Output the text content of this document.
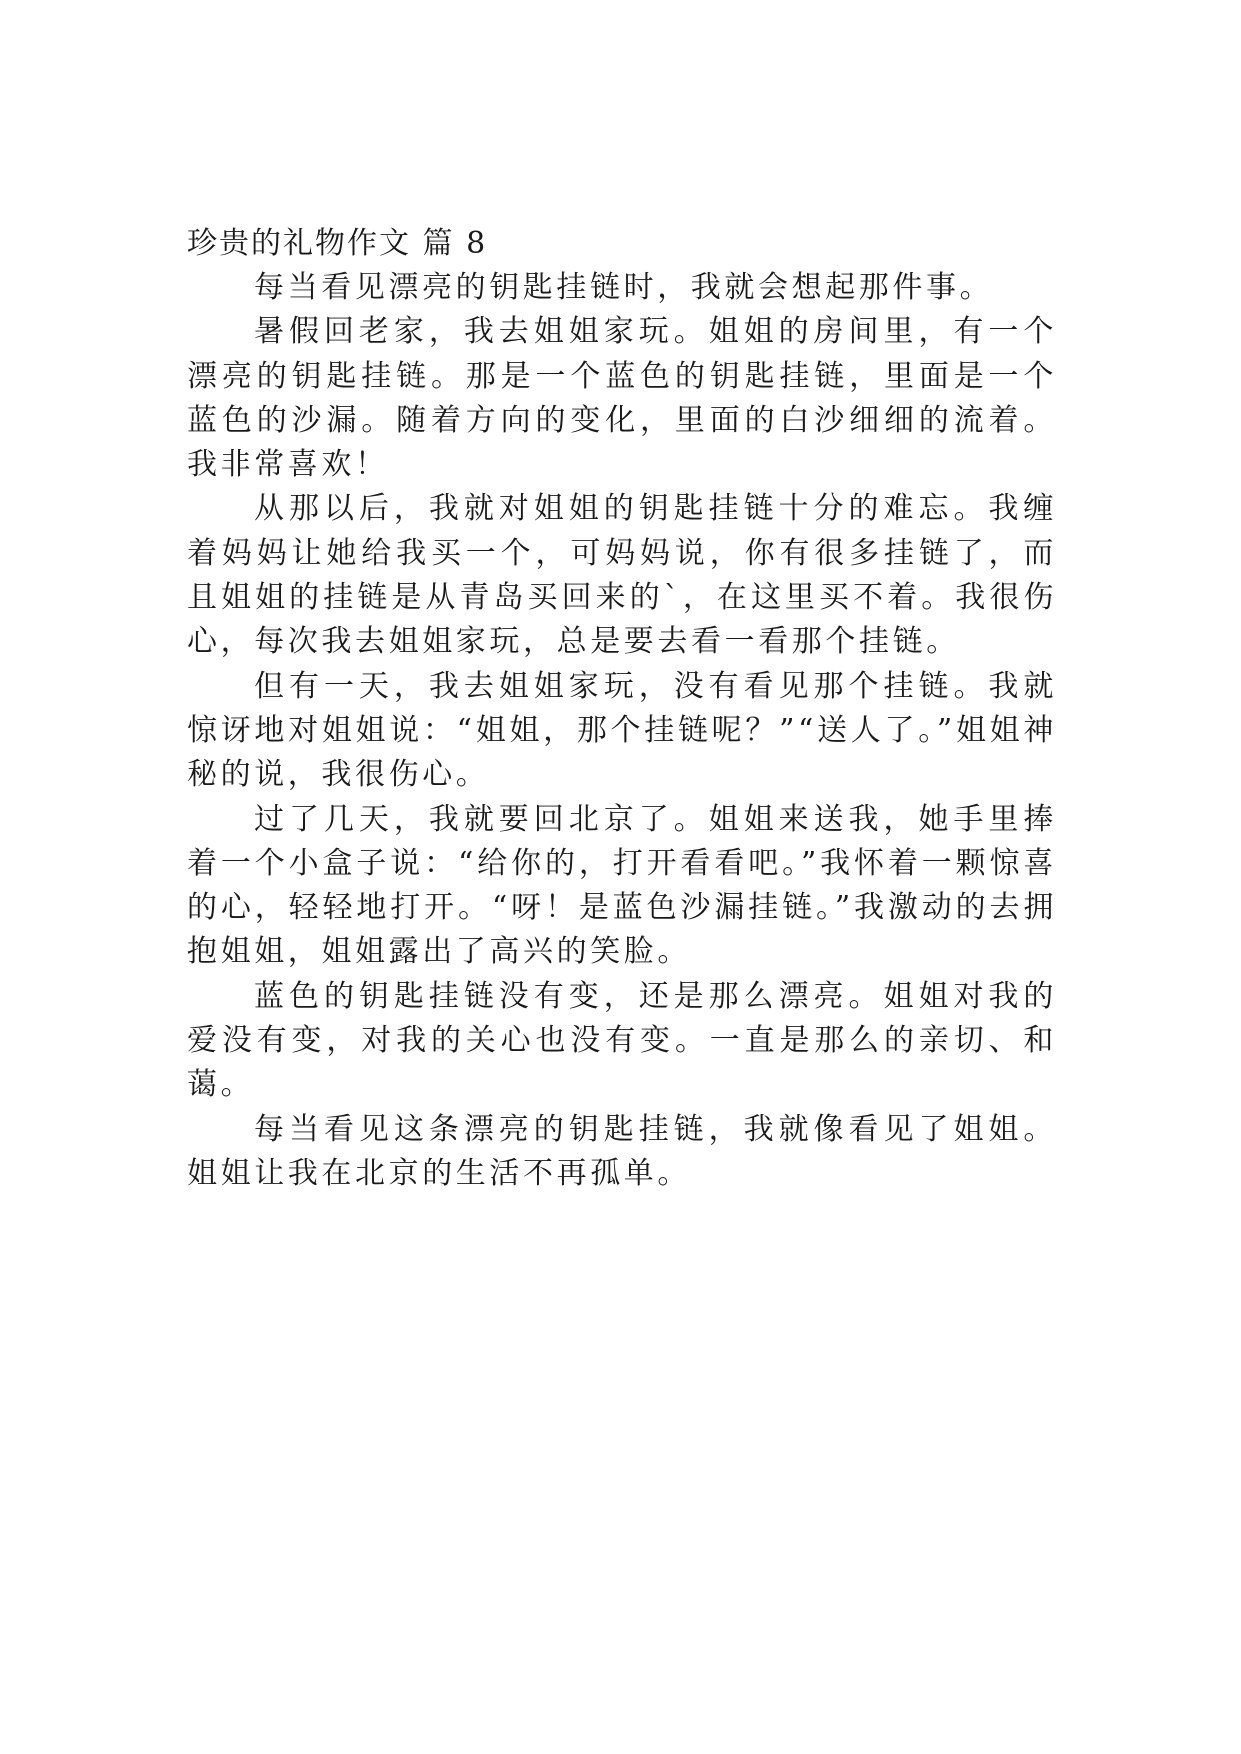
珍贵的礼物作文 篇 8

每当看见漂亮的钥匙挂链时，我就会想起那件事。

暑假回老家，我去姐姐家玩。姐姐的房间里，有一个漂亮的钥匙挂链。那是一个蓝色的钥匙挂链，里面是一个蓝色的沙漏。随着方向的变化，里面的白沙细细的流着。我非常喜欢！

从那以后，我就对姐姐的钥匙挂链十分的难忘。我缠着妈妈让她给我买一个，可妈妈说，你有很多挂链了，而且姐姐的挂链是从青岛买回来的`，在这里买不着。我很伤心，每次我去姐姐家玩，总是要去看一看那个挂链。

但有一天，我去姐姐家玩，没有看见那个挂链。我就惊讶地对姐姐说：“姐姐，那个挂链呢？”“送人了。”姐姐神秘的说，我很伤心。

过了几天，我就要回北京了。姐姐来送我，她手里捧着一个小盒子说：“给你的，打开看看吧。”我怀着一颗惊喜的心，轻轻地打开。“呀！是蓝色沙漏挂链。”我激动的去拥抱姐姐，姐姐露出了高兴的笑脸。

蓝色的钥匙挂链没有变，还是那么漂亮。姐姐对我的爱没有变，对我的关心也没有变。一直是那么的亲切、和蔼。

每当看见这条漂亮的钥匙挂链，我就像看见了姐姐。姐姐让我在北京的生活不再孤单。
